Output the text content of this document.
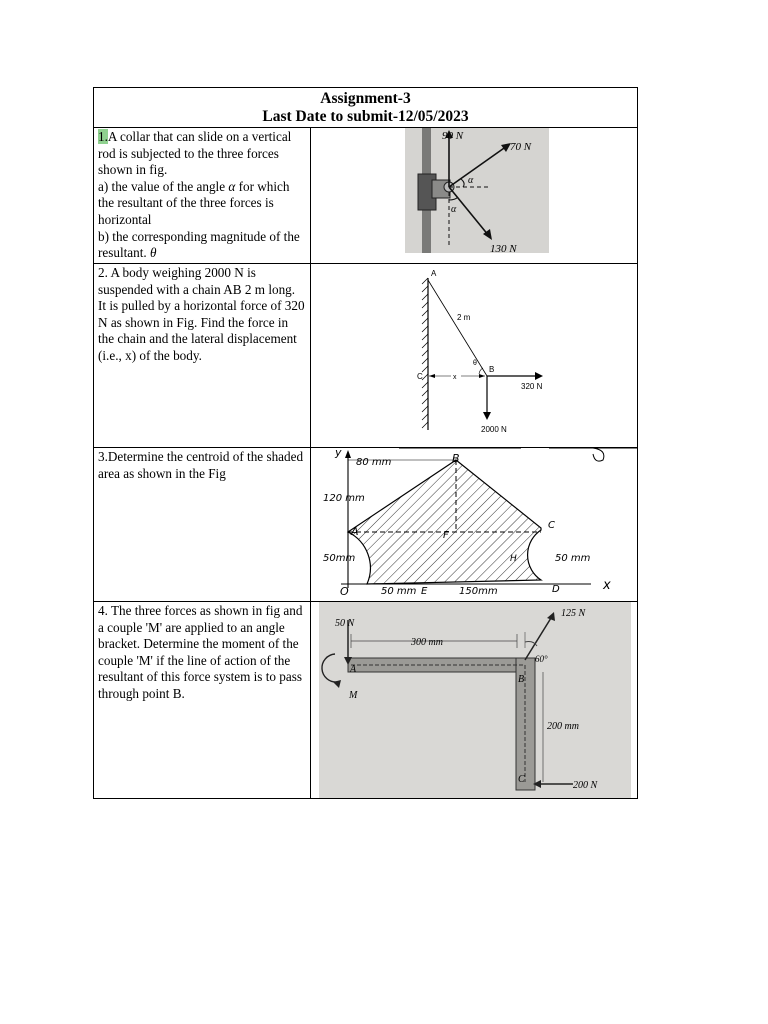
Assignment-3
Last Date to submit-12/05/2023
1.A collar that can slide on a vertical rod is subjected to the three forces shown in fig.
a) the value of the angle α for which the resultant of the three forces is horizontal
b) the corresponding magnitude of the resultant. θ
90 N
70 N
130 N
α
α
2. A body weighing 2000 N is suspended with a chain AB 2 m long. It is pulled by a horizontal force of 320 N as shown in Fig. Find the force in the chain and the lateral displacement (i.e., x) of the body.
A
2 m
θ
B
C	x
320 N
2000 N
3.Determine the centroid of the shaded area as shown in the Fig
y
80 mm	B
120 mm
A	F
C
50mm	H	50 mm
O	50 mm E	150mm	D	x
4. The three forces as shown in fig and a couple 'M' are applied to an angle bracket. Determine the moment of the couple 'M' if the line of action of the resultant of this force system is to pass through point B.
50 N
300 mm
125 N
60°
A
B
C
M
200 mm
200 N
